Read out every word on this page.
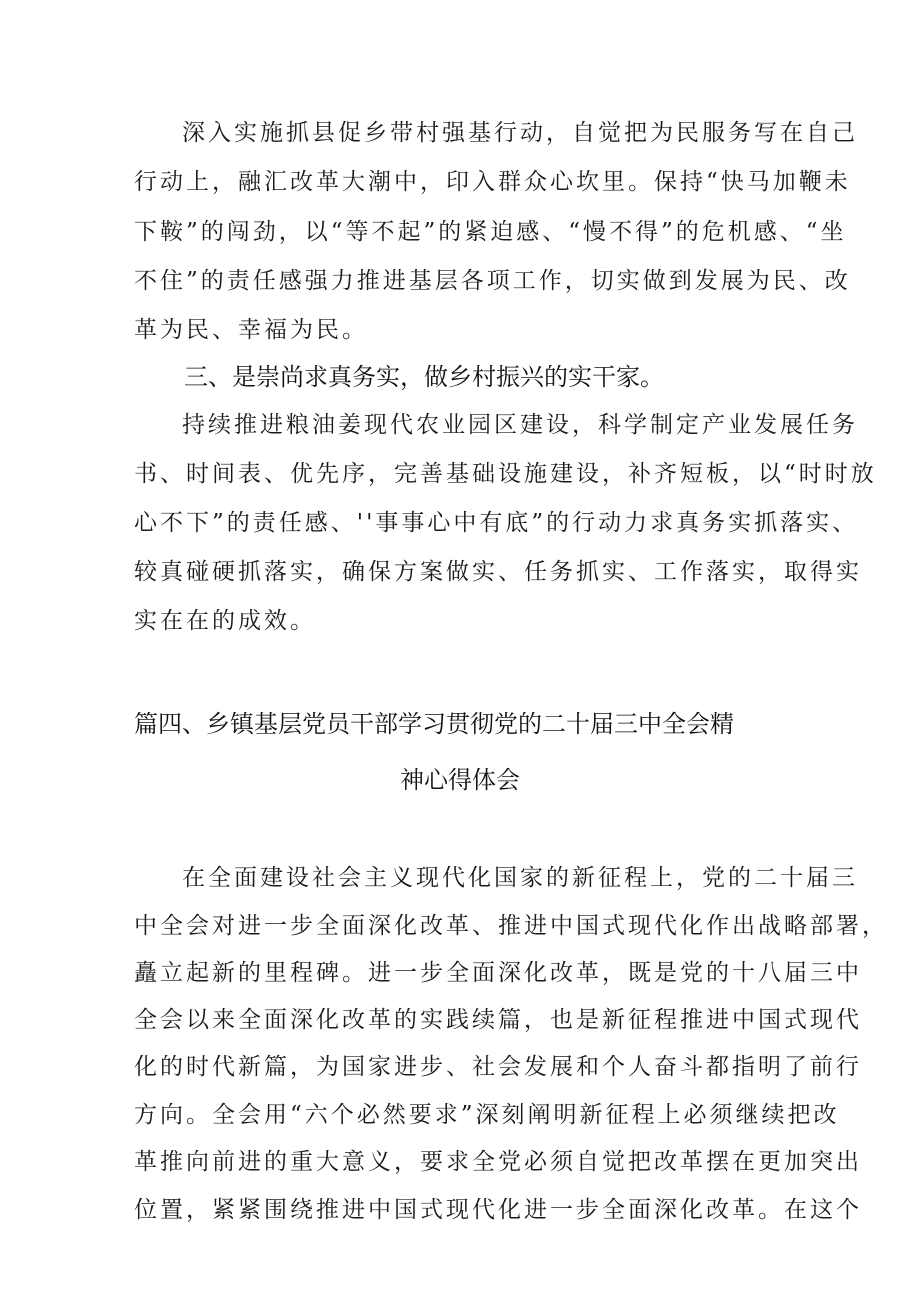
深入实施抓县促乡带村强基行动，自觉把为民服务写在自己
行动上，融汇改革大潮中，印入群众心坎里。保持“快马加鞭未
下鞍”的闯劲，以“等不起”的紧迫感、“慢不得”的危机感、“坐
不住”的责任感强力推进基层各项工作，切实做到发展为民、改
革为民、幸福为民。
三、是崇尚求真务实，做乡村振兴的实干家。
持续推进粮油姜现代农业园区建设，科学制定产业发展任务
书、时间表、优先序，完善基础设施建设，补齐短板，以“时时放
心不下”的责任感、''事事心中有底”的行动力求真务实抓落实、
较真碰硬抓落实，确保方案做实、任务抓实、工作落实，取得实
实在在的成效。
篇四、乡镇基层党员干部学习贯彻党的二十届三中全会精
神心得体会
在全面建设社会主义现代化国家的新征程上，党的二十届三
中全会对进一步全面深化改革、推进中国式现代化作出战略部署，
矗立起新的里程碑。进一步全面深化改革，既是党的十八届三中
全会以来全面深化改革的实践续篇，也是新征程推进中国式现代
化的时代新篇，为国家进步、社会发展和个人奋斗都指明了前行
方向。全会用“六个必然要求”深刻阐明新征程上必须继续把改
革推向前进的重大意义，要求全党必须自觉把改革摆在更加突出
位置，紧紧围绕推进中国式现代化进一步全面深化改革。在这个
